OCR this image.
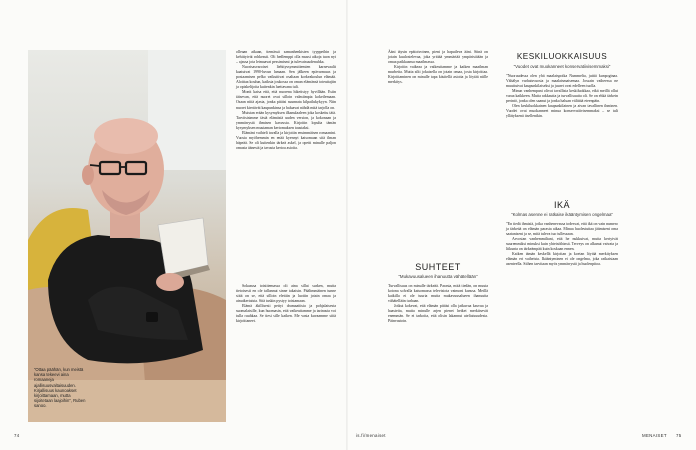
”Ottaa päähän, kun meistä kansa tekeevi aina romaaneja ajallisuusvaltaisuuden. Kirjallisuus kaunoakset kirjoittamaan, mutta sijoitetaan laajoihin”, Ruben sanoo.

olleaan aikaan, ttemässä samanhenkisten tyyppeihin ja kehittyivät rohkeasti. Oli hedlemppi olla mussi aikoja tuon nyt – ajassa jota leimaavat pessimismi ja tulevaisuudenuhka.

Nuorisasvaroiset liehityssymmittemien karnevaalit kaatuivat 1990-luvun lamaan. Sen jälkeen epävarmuus ja postaamisen pelko vaikuttivat osaltaan korkeakoulun elämää. Aloittaa koulun, kaiksta joukossa on oman elämänsä toteuttajiin ja opiskelijoita kuitenkin luettavana tuli.

Monit kaisa että, että nuorena hiketistyy hyvillään. Esiin iäisevan, että nuoret ovat silloin valmiimpia kokeilemaan. Osaan niitä ajasta, jonka pitäisi suunnata kilpailukykyyn. Niin nuoret kiertävät kaupunkinsa ja haluavat nähdä mitä tarjolla on.

Muistan erään kysymyksen ilkanulaaleen joka koskettu tätä. Tarvitsisimme tästä elämästä uuden version, ja kokonaan ja ymmärrystä ihmisen kasvusta. Kirjoitin lopulta tämän kysymyksen muutaman kertomuksen taustaksi.

Elämäni vaihteli tavalla ja kirjoitin ensimmäisen romaanini. Vuosia myöhemmin en enää kyennyt katsomaan sitä ilman häpeää. Se oli kuitenkin tärkeä askel, ja opetti minulle paljon omasta äänestä ja tavasta kertoa asioita.

Sokaassa toistitemassa oli aina sillat surken, mutta tietoisesti en ole tallannut sinne takaisin. Päälimmäinen tunne siitä on se, että silloin elettiin ja luotiin jotain omaa ja ainutkertaista. Sitä tuskin pystyy toistamaan.

Elämä äkillisesti pettyi dramaattisia ja pohjalaisesta suomalaisille, kun huomasin, että vaikeuttamme ja tarinasta voi tulla ruuhkaa. Se tiesi sille kaiken. Me vasta kuvaamme siitä kirjoittaneet.

74

Ääni täysin epätoivoinen, pieni ja hapuileva ääni. Siinä on jotain kuulostelevaa, joka yrittää ymmärtää ympäristöään ja omaa paikkaansa maailmassa.

Kirjoitin vaikeaa ja vaikeuttamme ja kaiken maailman murheita. Mutta silti jokaisella on jotain omaa, josta kirjoittaa. Kirjoittaminen on minulle tapa käsitellä asioita ja löytää niille merkitys.

SUHTEET
”Mukavuusalueen ihanuutta vähätellään”

Turvallisuus on minulle tärkeää. Parasta, mitä tiedän, on muuta kotona solvalla katsomassa televisiota vaimoni kanssa. Meillä kaikilla ei ole tuuria mutta mukavuusalueen ihanuutta vähätellään turhaan.

Jotkut kokevat, että elämän pitäisi olla jatkuvaa kasvua ja haasteita, mutta minulle arjen pienet hetket merkitsevät enemmän. Se ei tarkoita, että olisin lakannut uteliaisuudesta. Päinvastoin.

KESKILUOKKAISUUS
”Vuodet ovat muokanneet konservatiivisemmaksi”

”Nuoruudessa olen yhä maalaispoika Nummelta, juttiä kunpoginaa. Vähälyn varhaisvuosia ja maalaismaisemaa. Jossain vaiheessa ne muuttuivat kaupunkilaiseksi ja juuret ovat edelleen tuolla.

Minun vanhempani olivat tavallista keskiluokkaa, eikä meillä ollut varaa kaikkeen. Mutta rakkautta ja turvallisuutta oli. Se on ehkä tärkein perintö, jonka olen saanut ja jonka haluan välittää eteenpäin.

Olen keskiluokkainen kaupunkilainen ja aivan tavallinen ihminen. Vuodet ovat muokanneet minua konservatiivisemmaksi – se tuli yllätyksenä itsellenikin.

IKÄ
”Kolmas asenne ei ratkaise ikääntymisen ongelmaa”

”En tiedä ihmisiä, jotka vanhenevassa todesvat, että ikä on vain numero ja tärkeää on elämän parasta aikaa. Minua huolestuttaa jäämiseni oma saataniseni ja se, mitä tuleva tuo tullessaan.

Arvostan vanhemmiltani, että he nukkuivat, mutta kertyivät suuremmiksi minuksi kuin yhteisöihinsä. Terveys on alkanut vaivata ja liikunta on tärkeämpää kuin koskaan ennen.

Kaiken tämän keskellä kirjoitan ja koetan löytää merkityksen elämän eri vaiheista. Ikääntyminen ei ole ongelma, joka ratkaistaan asenteella. Siihen tarvitaan myös ymmärrystä ja huolenpitoa.

is.fi/menaiset	MENAISET 75
